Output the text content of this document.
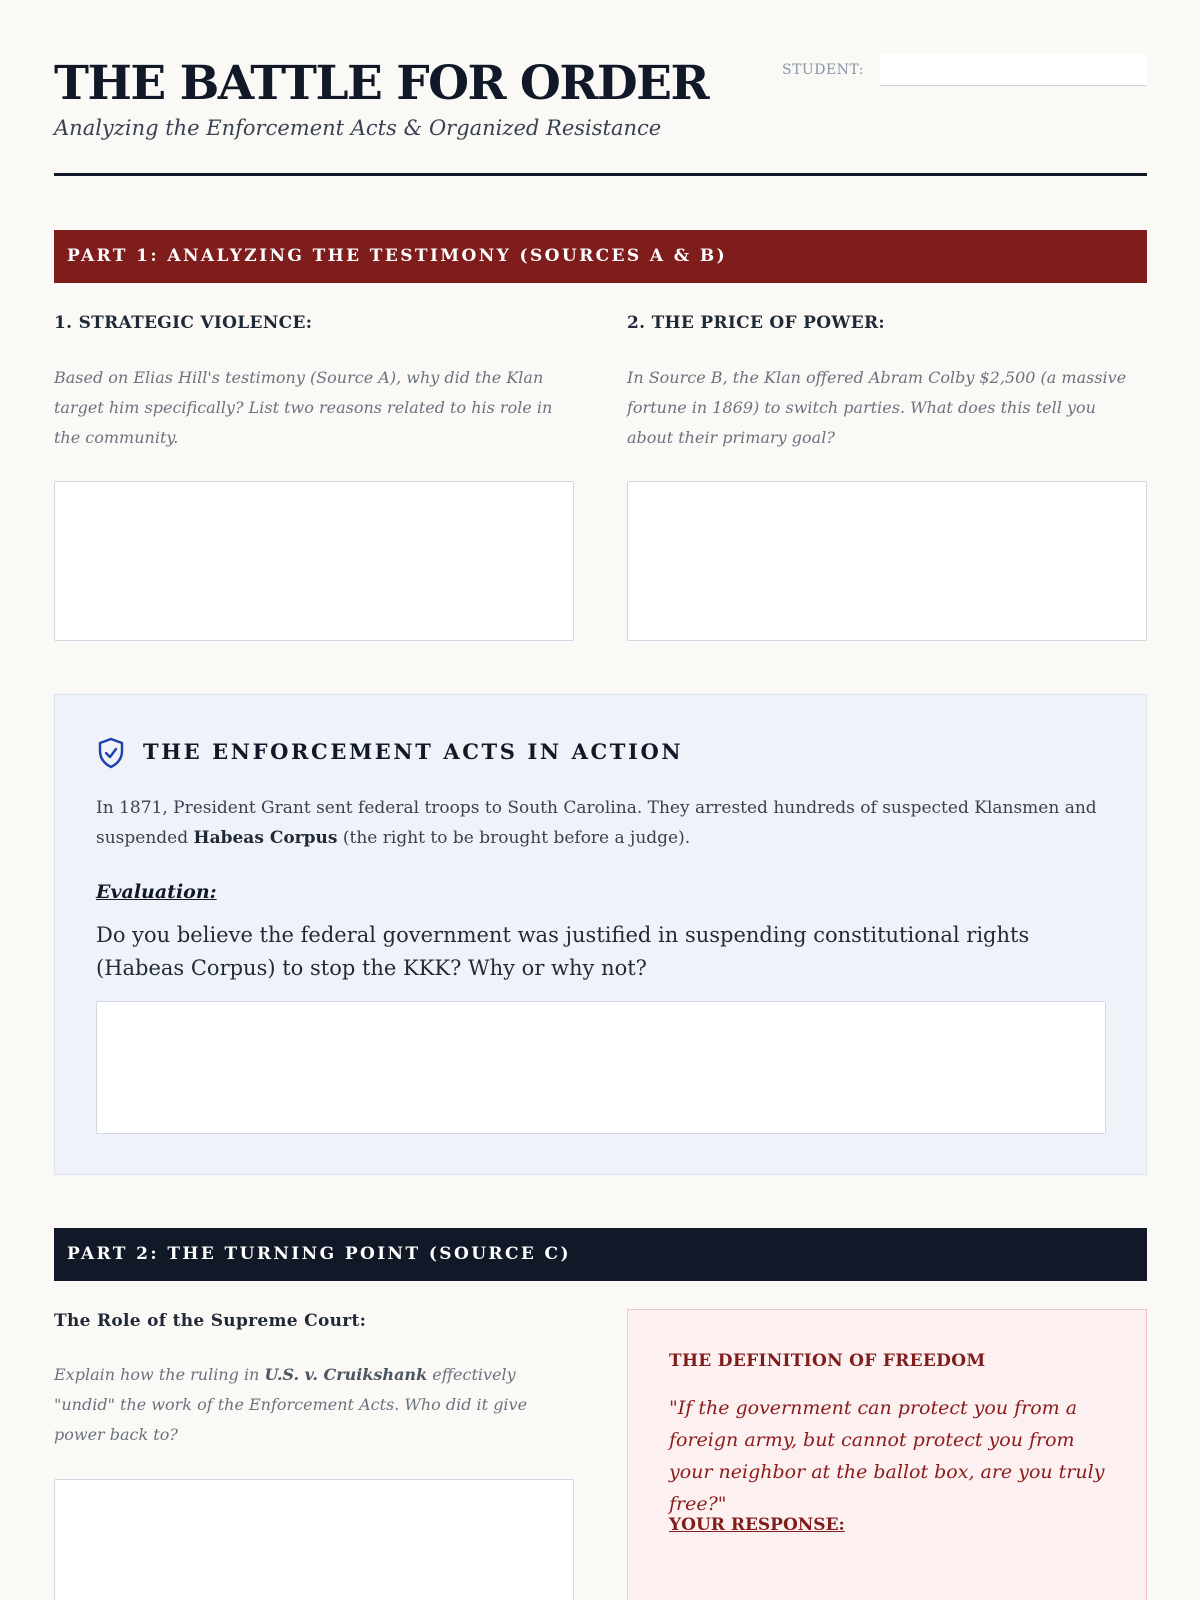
THE BATTLE FOR ORDER
Analyzing the Enforcement Acts & Organized Resistance
STUDENT:
PART 1: ANALYZING THE TESTIMONY (SOURCES A & B)
1. STRATEGIC VIOLENCE:
Based on Elias Hill's testimony (Source A), why did the Klan target him specifically? List two reasons related to his role in the community.
2. THE PRICE OF POWER:
In Source B, the Klan offered Abram Colby $2,500 (a massive fortune in 1869) to switch parties. What does this tell you about their primary goal?
THE ENFORCEMENT ACTS IN ACTION

In 1871, President Grant sent federal troops to South Carolina. They arrested hundreds of suspected Klansmen and suspended Habeas Corpus (the right to be brought before a judge).

Evaluation:
Do you believe the federal government was justified in suspending constitutional rights (Habeas Corpus) to stop the KKK? Why or why not?
PART 2: THE TURNING POINT (SOURCE C)
The Role of the Supreme Court:
Explain how the ruling in U.S. v. Cruikshank effectively "undid" the work of the Enforcement Acts. Who did it give power back to?
THE DEFINITION OF FREEDOM
"If the government can protect you from a foreign army, but cannot protect you from your neighbor at the ballot box, are you truly free?"
YOUR RESPONSE:
